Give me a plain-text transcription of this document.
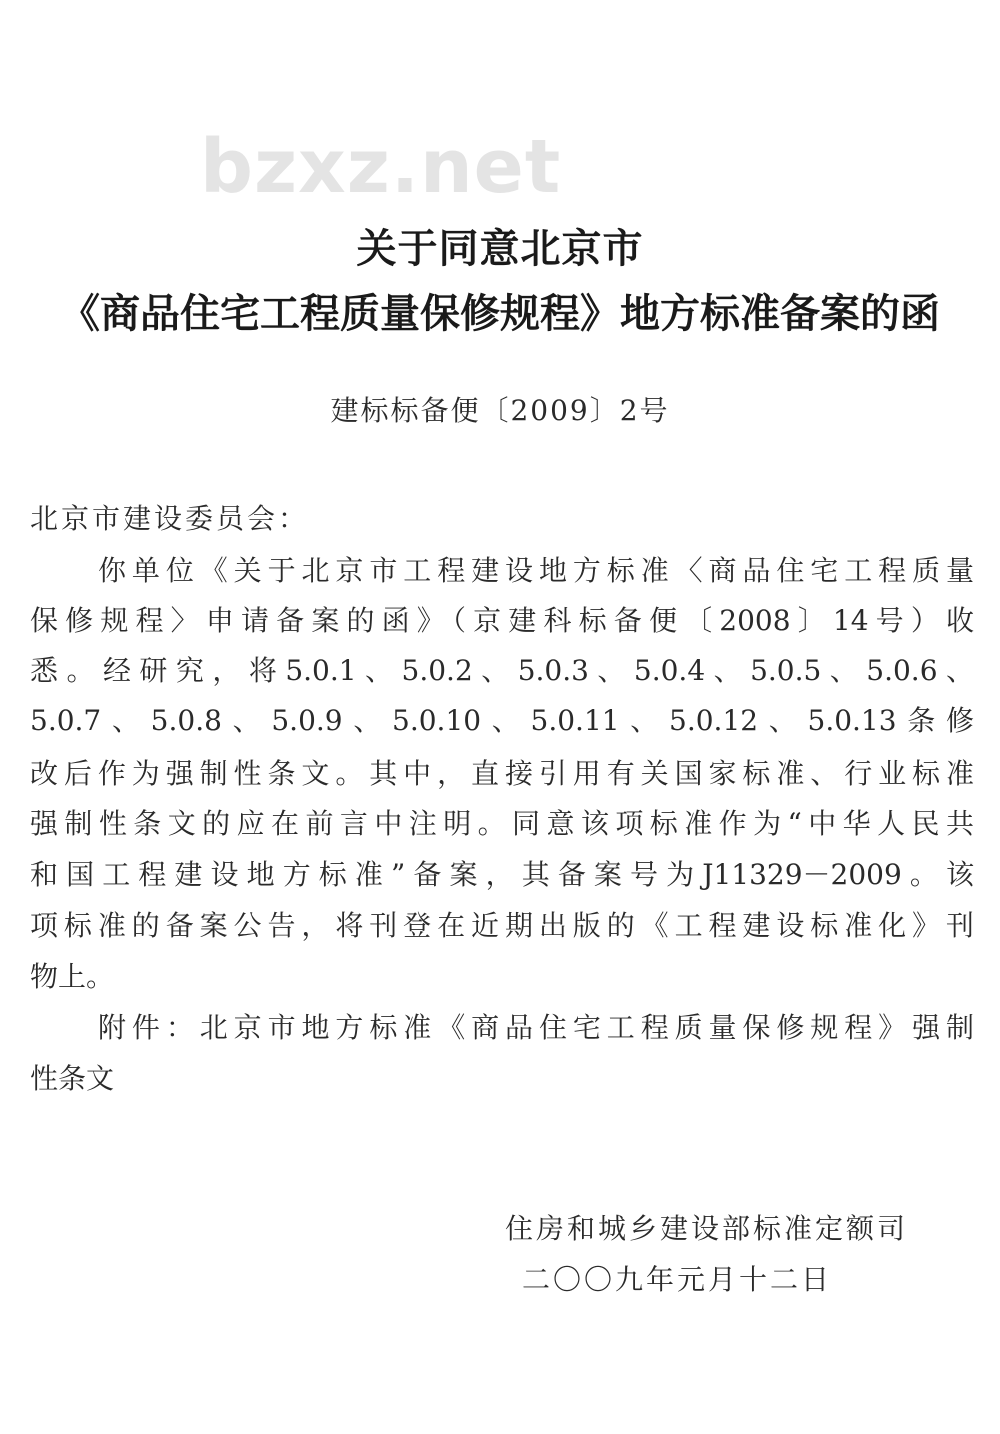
bzxz.net
关于同意北京市
《商品住宅工程质量保修规程》地方标准备案的函
建标标备便〔2009〕2号
北京市建设委员会：
你单位《关于北京市工程建设地方标准〈商品住宅工程质量
保修规程〉申请备案的函》（京建科标备便〔2008〕14号）收
悉。经研究，将5.0.1、5.0.2、5.0.3、5.0.4、5.0.5、5.0.6、
5.0.7、5.0.8、5.0.9、5.0.10、5.0.11、5.0.12、5.0.13条修
改后作为强制性条文。其中，直接引用有关国家标准、行业标准
强制性条文的应在前言中注明。同意该项标准作为“中华人民共
和国工程建设地方标准”备案，其备案号为J11329－2009。该
项标准的备案公告，将刊登在近期出版的《工程建设标准化》刊
物上。
附件：北京市地方标准《商品住宅工程质量保修规程》强制
性条文
住房和城乡建设部标准定额司
二〇〇九年元月十二日
